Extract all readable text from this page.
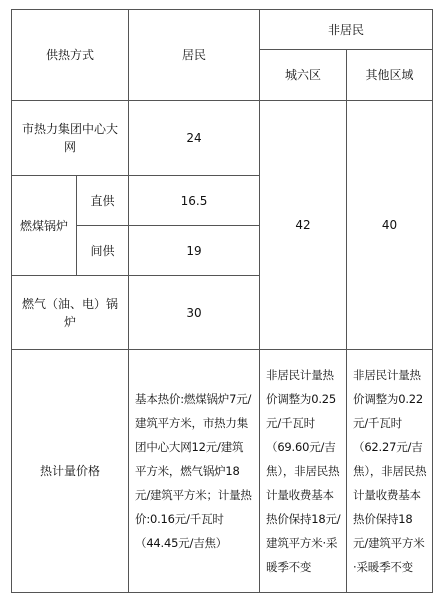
供热方式		居民	非居民	
			城六区	其他区域
市热力集团中心大网		24	42	40
燃煤锅炉	直供	16.5		
	间供	19		
燃气（油、电）锅炉		30		
热计量价格		基本热价:燃煤锅炉7元/建筑平方米，市热力集团中心大网12元/建筑平方米，燃气锅炉18元/建筑平方米；计量热价:0.16元/千瓦时（44.45元/吉焦）	非居民计量热价调整为0.25元/千瓦时（69.60元/吉焦），非居民热计量收费基本热价保持18元/建筑平方米·采暖季不变	非居民计量热价调整为0.22元/千瓦时（62.27元/吉焦），非居民热计量收费基本热价保持18元/建筑平方米·采暖季不变
